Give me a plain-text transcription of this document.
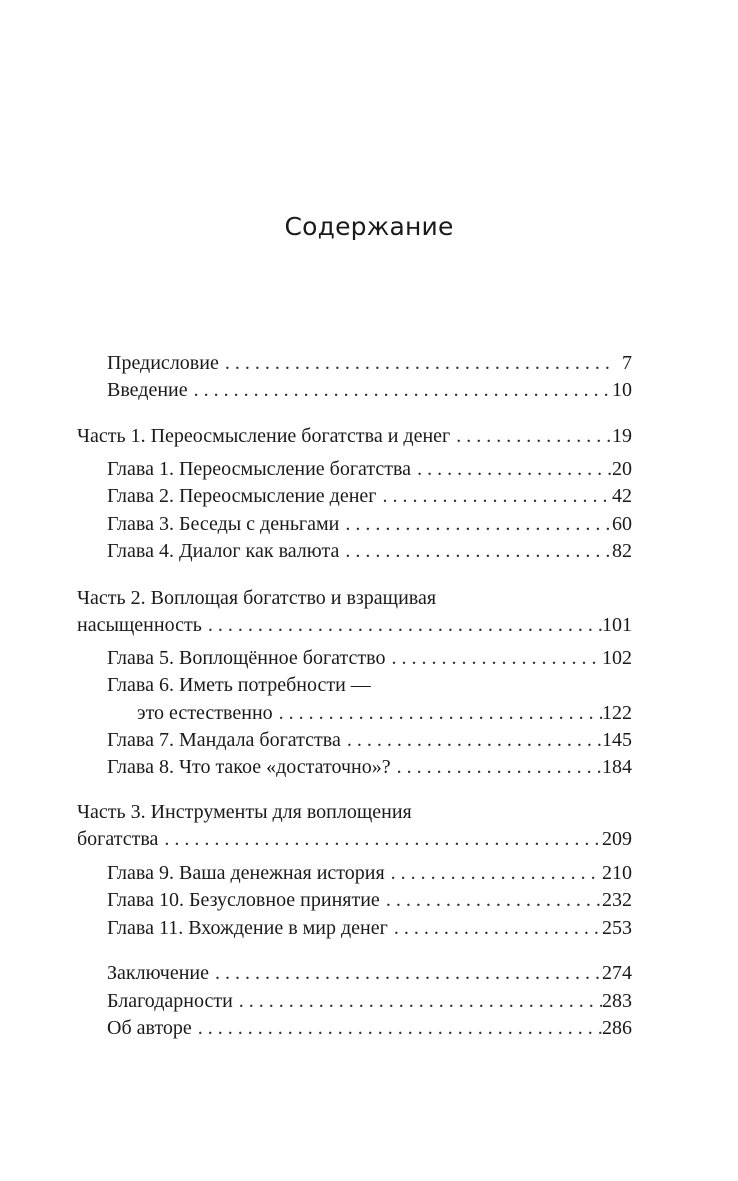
Содержание
Предисловие . . .	7
Введение . . .	10
Часть 1. Переосмысление богатства и денег . . .	19
Глава 1. Переосмысление богатства . . .	20
Глава 2. Переосмысление денег . . .	42
Глава 3. Беседы с деньгами . . .	60
Глава 4. Диалог как валюта . . .	82
Часть 2. Воплощая богатство и взращивая
насыщенность . . .	101
Глава 5. Воплощённое богатство . . .	102
Глава 6. Иметь потребности —
это естественно . . .	122
Глава 7. Мандала богатства . . .	145
Глава 8. Что такое «достаточно»? . . .	184
Часть 3. Инструменты для воплощения
богатства . . .	209
Глава 9. Ваша денежная история . . .	210
Глава 10. Безусловное принятие . . .	232
Глава 11. Вхождение в мир денег . . .	253
Заключение . . .	274
Благодарности . . .	283
Об авторе . . .	286
